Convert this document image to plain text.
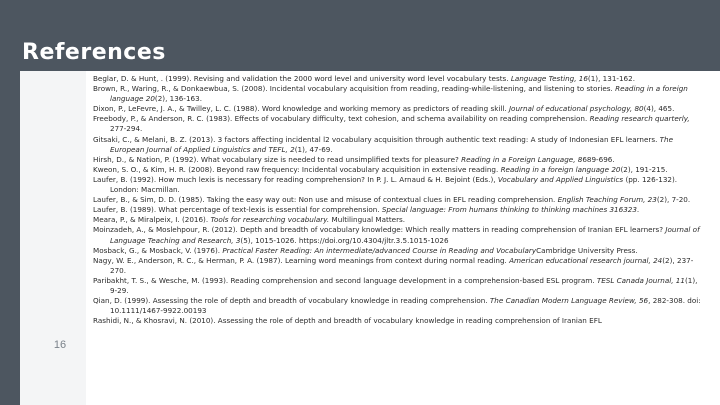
References
16

Beglar, D. & Hunt, . (1999). Revising and validation the 2000 word level and university word level vocabulary tests. Language Testing, 16(1), 131-162.

Brown, R., Waring, R., & Donkaewbua, S. (2008). Incidental vocabulary acquisition from reading, reading-while-listening, and listening to stories. Reading in a foreign language 20(2), 136-163.

Dixon, P., LeFevre, J. A., & Twilley, L. C. (1988). Word knowledge and working memory as predictors of reading skill. Journal of educational psychology, 80(4), 465.

Freebody, P., & Anderson, R. C. (1983). Effects of vocabulary difficulty, text cohesion, and schema availability on reading comprehension. Reading research quarterly, 277-294.

Gitsaki, C., & Melani, B. Z. (2013). 3 factors affecting incidental l2 vocabulary acquisition through authentic text reading: A study of Indonesian EFL learners. The European Journal of Applied Linguistics and TEFL, 2(1), 47-69.

Hirsh, D., & Nation, P. (1992). What vocabulary size is needed to read unsimplified texts for pleasure? Reading in a Foreign Language, 8689-696.

Kweon, S. O., & Kim, H. R. (2008). Beyond raw frequency: Incidental vocabulary acquisition in extensive reading. Reading in a foreign language 20(2), 191-215.

Laufer, B. (1992). How much lexis is necessary for reading comprehension? In P. J. L. Arnaud & H. Bejoint (Eds.), Vocabulary and Applied Linguistics (pp. 126-132). London: Macmillan.

Laufer, B., & Sim, D. D. (1985). Taking the easy way out: Non use and misuse of contextual clues in EFL reading comprehension. English Teaching Forum, 23(2), 7-20.

Laufer, B. (1989). What percentage of text-lexis is essential for comprehension. Special language: From humans thinking to thinking machines 316323.

Meara, P., & Miralpeix, I. (2016). Tools for researching vocabulary. Multilingual Matters.

Moinzadeh, A., & Moslehpour, R. (2012). Depth and breadth of vocabulary knowledge: Which really matters in reading comprehension of Iranian EFL learners? Journal of Language Teaching and Research, 3(5), 1015-1026. https://doi.org/10.4304/jltr.3.5.1015-1026

Mosback, G., & Mosback, V. (1976). Practical Faster Reading: An intermediate/advanced Course in Reading and VocabularyCambridge University Press.

Nagy, W. E., Anderson, R. C., & Herman, P. A. (1987). Learning word meanings from context during normal reading. American educational research journal, 24(2), 237-270.

Paribakht, T. S., & Wesche, M. (1993). Reading comprehension and second language development in a comprehension-based ESL program. TESL Canada Journal, 11(1), 9-29.

Qian, D. (1999). Assessing the role of depth and breadth of vocabulary knowledge in reading comprehension. The Canadian Modern Language Review, 56, 282-308. doi: 10.1111/1467-9922.00193

Rashidi, N., & Khosravi, N. (2010). Assessing the role of depth and breadth of vocabulary knowledge in reading comprehension of Iranian EFL
